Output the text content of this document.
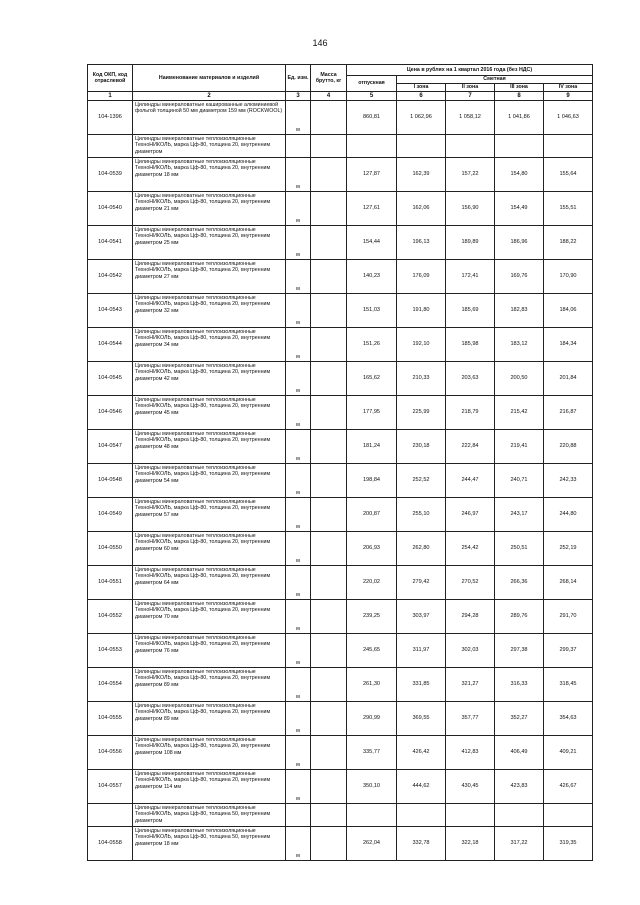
146
Код ОКП, код отраслевой	Наименование материалов и изделий	Ед. изм.	Масса брутто, кг	Цена в рублях на 1 квартал 2016 года (без НДС)				
				отпускная	Сметная			
					I зона	II зона	III зона	IV зона
1	2	3	4	5	6	7	8	9
104-1396	Цилиндры минераловатные кашированные алюминиевой фольгой толщиной 50 мм диаметром 159 мм (ROCKWOOL)	м		860,81	1 062,96	1 058,12	1 041,86	1 046,63
	Цилиндры минераловатные теплоизоляционные ТехноНИКОЛЬ, марка Цф-80, толщина 20, внутренним диаметром							
104-0539	Цилиндры минераловатные теплоизоляционные ТехноНИКОЛЬ, марка Цф-80, толщина 20, внутренним диаметром 18 мм	м		127,87	162,39	157,22	154,80	155,64
104-0540	Цилиндры минераловатные теплоизоляционные ТехноНИКОЛЬ, марка Цф-80, толщина 20, внутренним диаметром 21 мм	м		127,61	162,06	156,90	154,49	155,51
104-0541	Цилиндры минераловатные теплоизоляционные ТехноНИКОЛЬ, марка Цф-80, толщина 20, внутренним диаметром 25 мм	м		154,44	196,13	189,89	186,96	188,22
104-0542	Цилиндры минераловатные теплоизоляционные ТехноНИКОЛЬ, марка Цф-80, толщина 20, внутренним диаметром 27 мм	м		140,23	176,09	172,41	169,76	170,90
104-0543	Цилиндры минераловатные теплоизоляционные ТехноНИКОЛЬ, марка Цф-80, толщина 20, внутренним диаметром 32 мм	м		151,03	191,80	185,69	182,83	184,06
104-0544	Цилиндры минераловатные теплоизоляционные ТехноНИКОЛЬ, марка Цф-80, толщина 20, внутренним диаметром 34 мм	м		151,26	192,10	185,98	183,12	184,34
104-0545	Цилиндры минераловатные теплоизоляционные ТехноНИКОЛЬ, марка Цф-80, толщина 20, внутренним диаметром 42 мм	м		165,62	210,33	203,63	200,50	201,84
104-0546	Цилиндры минераловатные теплоизоляционные ТехноНИКОЛЬ, марка Цф-80, толщина 20, внутренним диаметром 45 мм	м		177,95	225,99	218,79	215,42	216,87
104-0547	Цилиндры минераловатные теплоизоляционные ТехноНИКОЛЬ, марка Цф-80, толщина 20, внутренним диаметром 48 мм	м		181,24	230,18	222,84	219,41	220,88
104-0548	Цилиндры минераловатные теплоизоляционные ТехноНИКОЛЬ, марка Цф-80, толщина 20, внутренним диаметром 54 мм	м		198,84	252,52	244,47	240,71	242,33
104-0549	Цилиндры минераловатные теплоизоляционные ТехноНИКОЛЬ, марка Цф-80, толщина 20, внутренним диаметром 57 мм	м		200,87	255,10	246,97	243,17	244,80
104-0550	Цилиндры минераловатные теплоизоляционные ТехноНИКОЛЬ, марка Цф-80, толщина 20, внутренним диаметром 60 мм	м		206,93	262,80	254,42	250,51	252,19
104-0551	Цилиндры минераловатные теплоизоляционные ТехноНИКОЛЬ, марка Цф-80, толщина 20, внутренним диаметром 64 мм	м		220,02	279,42	270,52	266,36	268,14
104-0552	Цилиндры минераловатные теплоизоляционные ТехноНИКОЛЬ, марка Цф-80, толщина 20, внутренним диаметром 70 мм	м		239,25	303,97	294,28	289,76	291,70
104-0553	Цилиндры минераловатные теплоизоляционные ТехноНИКОЛЬ, марка Цф-80, толщина 20, внутренним диаметром 76 мм	м		245,65	311,97	302,03	297,38	299,37
104-0554	Цилиндры минераловатные теплоизоляционные ТехноНИКОЛЬ, марка Цф-80, толщина 20, внутренним диаметром 89 мм	м		261,30	331,85	321,27	316,33	318,45
104-0555	Цилиндры минераловатные теплоизоляционные ТехноНИКОЛЬ, марка Цф-80, толщина 20, внутренним диаметром 89 мм	м		290,99	369,55	357,77	352,27	354,63
104-0556	Цилиндры минераловатные теплоизоляционные ТехноНИКОЛЬ, марка Цф-80, толщина 20, внутренним диаметром 108 мм	м		335,77	426,42	412,83	406,49	409,21
104-0557	Цилиндры минераловатные теплоизоляционные ТехноНИКОЛЬ, марка Цф-80, толщина 20, внутренним диаметром 114 мм	м		350,10	444,62	430,45	423,83	426,67
	Цилиндры минераловатные теплоизоляционные ТехноНИКОЛЬ, марка Цф-80, толщина 50, внутренним диаметром							
104-0558	Цилиндры минераловатные теплоизоляционные ТехноНИКОЛЬ, марка Цф-80, толщина 50, внутренним диаметром 18 мм	м		262,04	332,78	322,18	317,22	319,35
